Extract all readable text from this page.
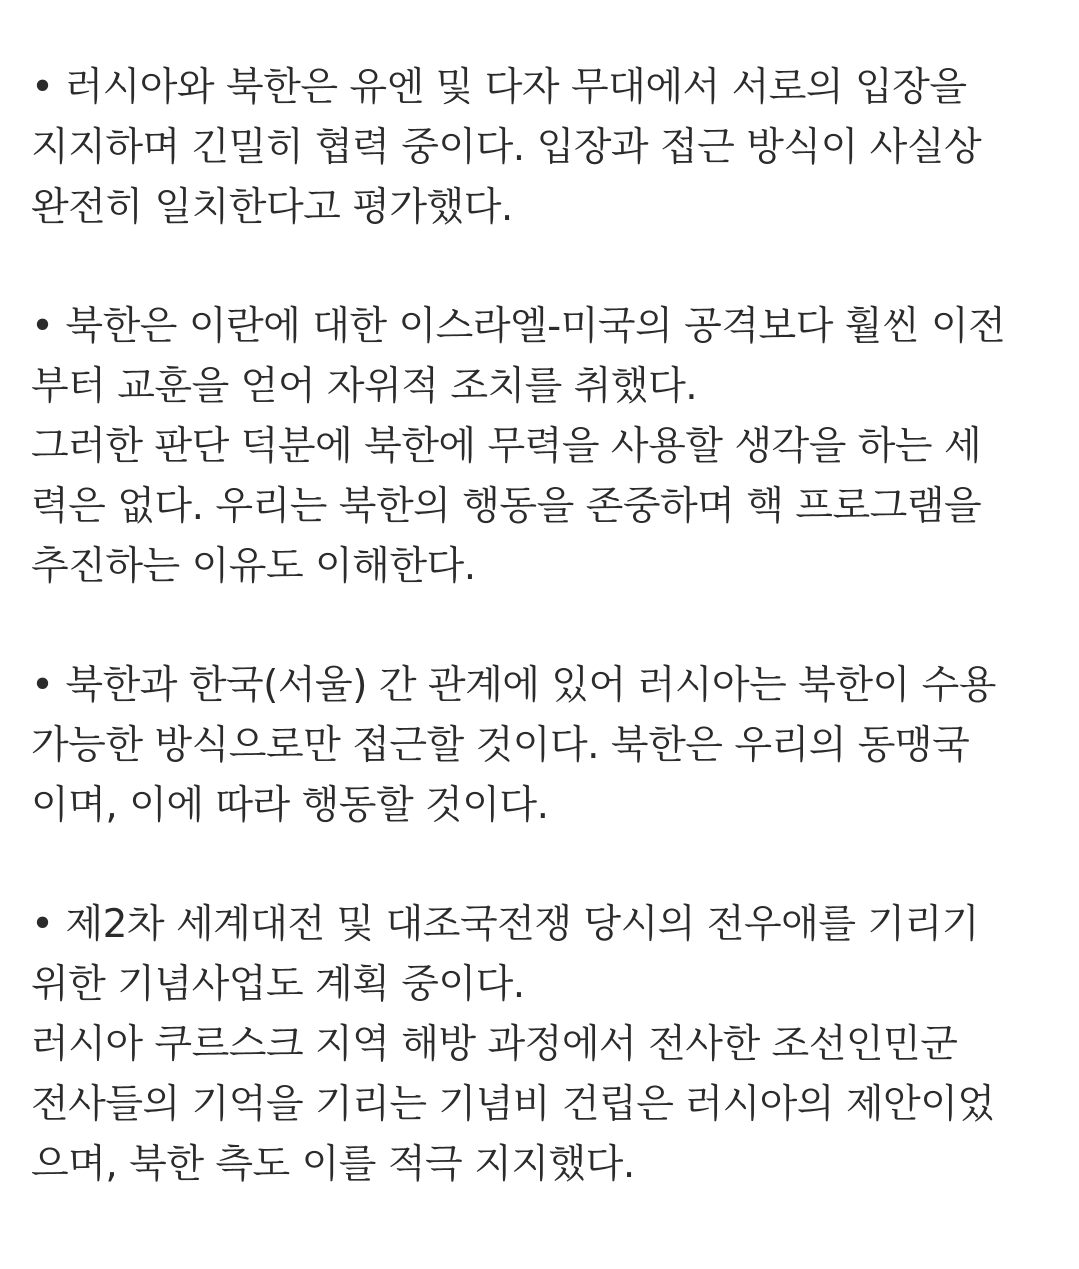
• 러시아와 북한은 유엔 및 다자 무대에서 서로의 입장을
지지하며 긴밀히 협력 중이다. 입장과 접근 방식이 사실상
완전히 일치한다고 평가했다.
• 북한은 이란에 대한 이스라엘-미국의 공격보다 훨씬 이전
부터 교훈을 얻어 자위적 조치를 취했다.
그러한 판단 덕분에 북한에 무력을 사용할 생각을 하는 세
력은 없다. 우리는 북한의 행동을 존중하며 핵 프로그램을
추진하는 이유도 이해한다.
• 북한과 한국(서울) 간 관계에 있어 러시아는 북한이 수용
가능한 방식으로만 접근할 것이다. 북한은 우리의 동맹국
이며, 이에 따라 행동할 것이다.
• 제2차 세계대전 및 대조국전쟁 당시의 전우애를 기리기
위한 기념사업도 계획 중이다.
러시아 쿠르스크 지역 해방 과정에서 전사한 조선인민군
전사들의 기억을 기리는 기념비 건립은 러시아의 제안이었
으며, 북한 측도 이를 적극 지지했다.
